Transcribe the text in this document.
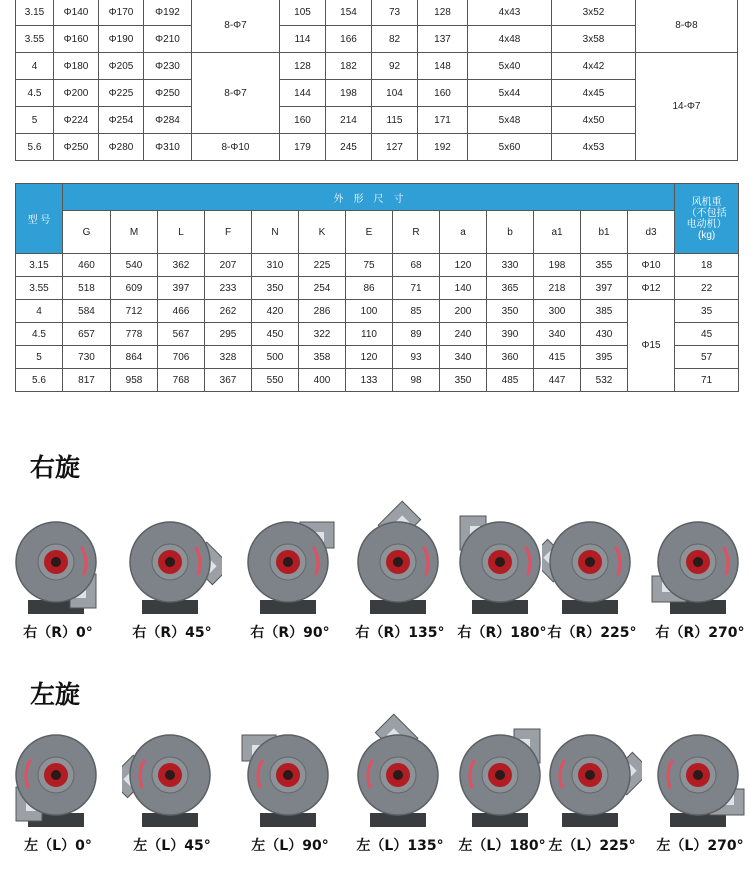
3.15	Φ140	Φ170	Φ192	8-Φ7	105	154	73	128	4x43	3x52	8-Φ8
3.55	Φ160	Φ190	Φ210		114	166	82	137	4x48	3x58	
4	Φ180	Φ205	Φ230	8-Φ7	128	182	92	148	5x40	4x42	14-Φ7
4.5	Φ200	Φ225	Φ250		144	198	104	160	5x44	4x45	
5	Φ224	Φ254	Φ284		160	214	115	171	5x48	4x50	
5.6	Φ250	Φ280	Φ310	8-Φ10	179	245	127	192	5x60	4x53	
型 号	外　形　尺　寸													风机重
（不包括
电动机）
(kg)
	G	M	L	F	N	K	E	R	a	b	a1	b1	d3	
3.15	460	540	362	207	310	225	75	68	120	330	198	355	Φ10	18
3.55	518	609	397	233	350	254	86	71	140	365	218	397	Φ12	22
4	584	712	466	262	420	286	100	85	200	350	300	385	Φ15	35
4.5	657	778	567	295	450	322	110	89	240	390	340	430		45
5	730	864	706	328	500	358	120	93	340	360	415	395		57
5.6	817	958	768	367	550	400	133	98	350	485	447	532		71
右旋
右（R）0°	右（R）45°	右（R）90°	右（R）135° 右（R）180° 右（R）225°	右（R）270°
左旋
左（L）0°	左（L）45°	左（L）90°	左（L）135°	左（L）180° 左（L）225°	左（L）270°
